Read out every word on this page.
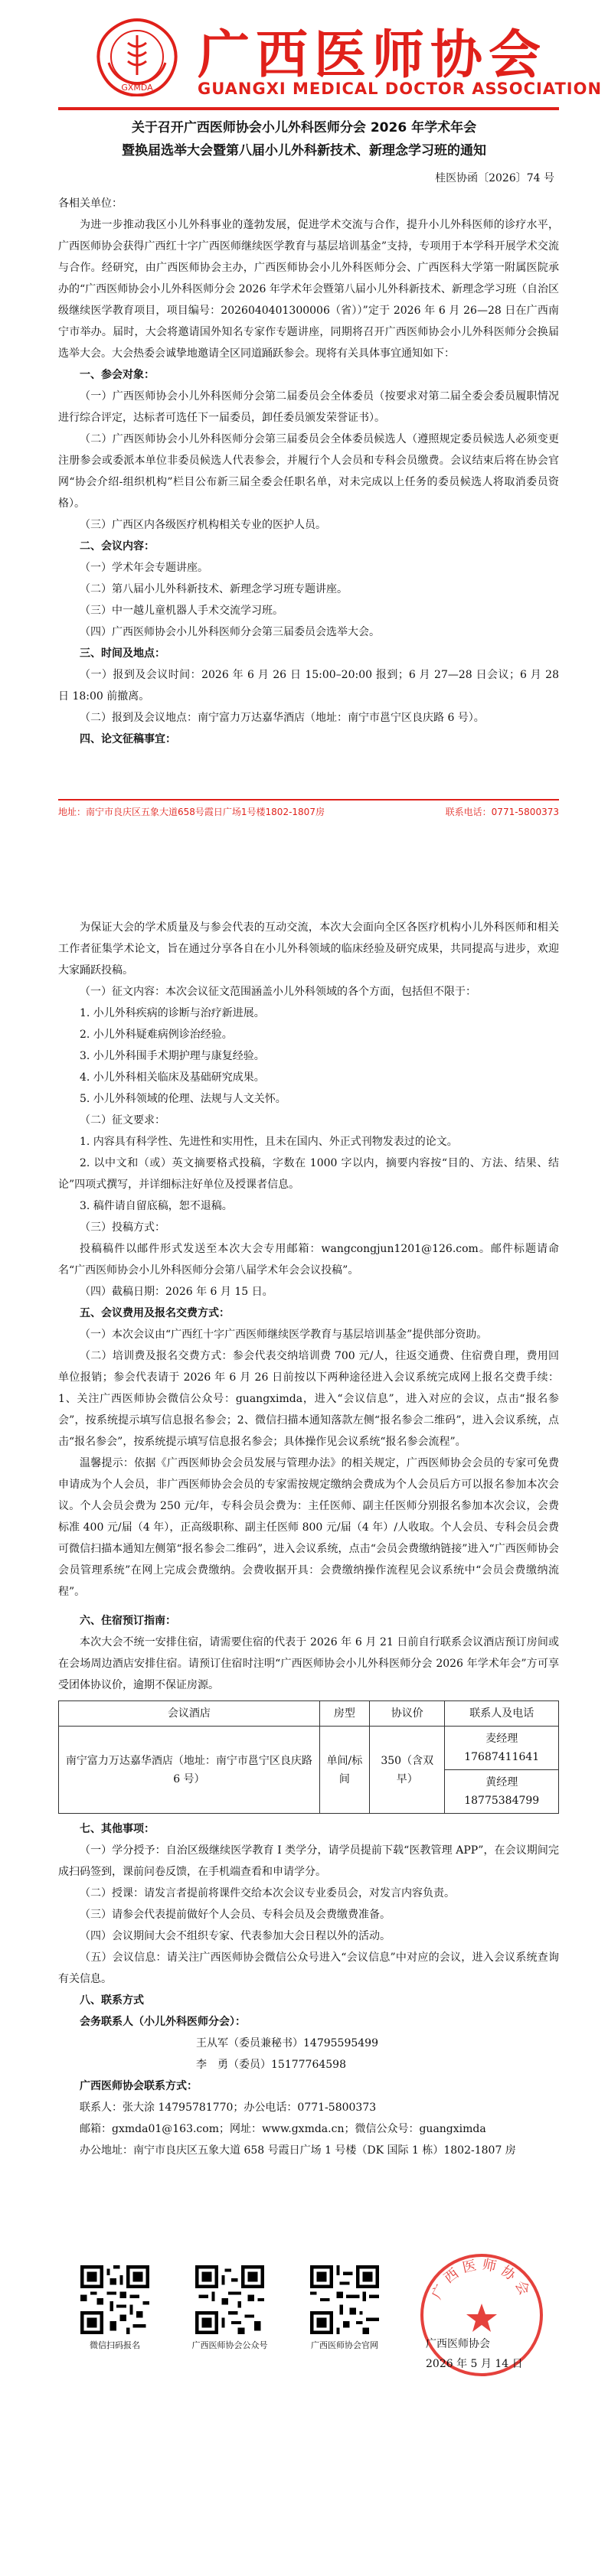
GXMDA
广西医师协会
GUANGXI MEDICAL DOCTOR ASSOCIATION
关于召开广西医师协会小儿外科医师分会 2026 年学术年会
暨换届选举大会暨第八届小儿外科新技术、新理念学习班的通知
桂医协函〔2026〕74 号

各相关单位：

为进一步推动我区小儿外科事业的蓬勃发展，促进学术交流与合作，提升小儿外科医师的诊疗水平，广西医师协会获得广西红十字广西医师继续医学教育与基层培训基金”支持，专项用于本学科开展学术交流与合作。经研究，由广西医师协会主办，广西医师协会小儿外科医师分会、广西医科大学第一附属医院承办的“广西医师协会小儿外科医师分会 2026 年学术年会暨第八届小儿外科新技术、新理念学习班（自治区级继续医学教育项目，项目编号：2026040401300006（省））”定于 2026 年 6 月 26—28 日在广西南宁市举办。届时，大会将邀请国外知名专家作专题讲座，同期将召开广西医师协会小儿外科医师分会换届选举大会。大会热委会诚挚地邀请全区同道踊跃参会。现将有关具体事宜通知如下：

一、参会对象：

（一）广西医师协会小儿外科医师分会第二届委员会全体委员（按要求对第二届全委会委员履职情况进行综合评定，达标者可选任下一届委员，卸任委员颁发荣誉证书）。

（二）广西医师协会小儿外科医师分会第三届委员会全体委员候选人（遵照规定委员候选人必须变更注册参会或委派本单位非委员候选人代表参会，并履行个人会员和专科会员缴费。会议结束后将在协会官网“协会介绍-组织机构”栏目公布新三届全委会任职名单，对未完成以上任务的委员候选人将取消委员资格）。

（三）广西区内各级医疗机构相关专业的医护人员。

二、会议内容：

（一）学术年会专题讲座。

（二）第八届小儿外科新技术、新理念学习班专题讲座。

（三）中一越儿童机器人手术交流学习班。

（四）广西医师协会小儿外科医师分会第三届委员会选举大会。

三、时间及地点：

（一）报到及会议时间：2026 年 6 月 26 日 15:00–20:00 报到；6 月 27—28 日会议；6 月 28 日 18:00 前撤离。

（二）报到及会议地点：南宁富力万达嘉华酒店（地址：南宁市邕宁区良庆路 6 号）。

四、论文征稿事宜：

地址：南宁市良庆区五象大道658号霞日广场1号楼1802-1807房	联系电话：0771-5800373

为保证大会的学术质量及与参会代表的互动交流，本次大会面向全区各医疗机构小儿外科医师和相关工作者征集学术论文，旨在通过分享各自在小儿外科领域的临床经验及研究成果，共同提高与进步，欢迎大家踊跃投稿。

（一）征文内容：本次会议征文范围涵盖小儿外科领域的各个方面，包括但不限于：

1. 小儿外科疾病的诊断与治疗新进展。

2. 小儿外科疑难病例诊治经验。

3. 小儿外科围手术期护理与康复经验。

4. 小儿外科相关临床及基础研究成果。

5. 小儿外科领域的伦理、法规与人文关怀。

（二）征文要求：

1. 内容具有科学性、先进性和实用性，且未在国内、外正式刊物发表过的论文。

2. 以中文和（或）英文摘要格式投稿，字数在 1000 字以内，摘要内容按“目的、方法、结果、结论”四项式撰写，并详细标注好单位及授课者信息。

3. 稿件请自留底稿，恕不退稿。

（三）投稿方式：

投稿稿件以邮件形式发送至本次大会专用邮箱：wangcongjun1201@126.com。邮件标题请命名“广西医师协会小儿外科医师分会第八届学术年会会议投稿”。

（四）截稿日期：2026 年 6 月 15 日。

五、会议费用及报名交费方式：

（一）本次会议由“广西红十字广西医师继续医学教育与基层培训基金”提供部分资助。

（二）培训费及报名交费方式：参会代表交纳培训费 700 元/人，往返交通费、住宿费自理，费用回单位报销；参会代表请于 2026 年 6 月 26 日前按以下两种途径进入会议系统完成网上报名交费手续：1、关注广西医师协会微信公众号：guangximda，进入“会议信息”，进入对应的会议，点击“报名参会”，按系统提示填写信息报名参会；2、微信扫描本通知落款左侧“报名参会二维码”，进入会议系统，点击“报名参会”，按系统提示填写信息报名参会；具体操作见会议系统“报名参会流程”。

温馨提示：依据《广西医师协会会员发展与管理办法》的相关规定，广西医师协会会员的专家可免费申请成为个人会员，非广西医师协会会员的专家需按规定缴纳会费成为个人会员后方可以报名参加本次会议。个人会员会费为 250 元/年，专科会员会费为：主任医师、副主任医师分别报名参加本次会议，会费标准 400 元/届（4 年），正高级职称、副主任医师 800 元/届（4 年）/人收取。个人会员、专科会员会费可微信扫描本通知左侧第“报名参会二维码”，进入会议系统，点击“会员会费缴纳链接”进入“广西医师协会会员管理系统”在网上完成会费缴纳。会费收据开具：会费缴纳操作流程见会议系统中“会员会费缴纳流程”。

六、住宿预订指南：

本次大会不统一安排住宿，请需要住宿的代表于 2026 年 6 月 21 日前自行联系会议酒店预订房间或在会场周边酒店安排住宿。请预订住宿时注明“广西医师协会小儿外科医师分会 2026 年学术年会”方可享受团体协议价，逾期不保证房源。

会议酒店	房型	协议价	联系人及电话
南宁富力万达嘉华酒店（地址：南宁市邕宁区良庆路 6 号）	单间/标间	350（含双早）	麦经理 17687411641
			黄经理 18775384799

七、其他事项：

（一）学分授予：自治区级继续医学教育 I 类学分，请学员提前下载“医教管理 APP”，在会议期间完成扫码签到，课前问卷反馈，在手机端查看和申请学分。

（二）授课：请发言者提前将课件交给本次会议专业委员会，对发言内容负责。

（三）请参会代表提前做好个人会员、专科会员及会费缴费准备。

（四）会议期间大会不组织专家、代表参加大会日程以外的活动。

（五）会议信息：请关注广西医师协会微信公众号进入“会议信息”中对应的会议，进入会议系统查询有关信息。

八、联系方式

会务联系人（小儿外科医师分会）：

王从军（委员兼秘书）14795595499

李　勇（委员）15177764598

广西医师协会联系方式：

联系人：张大涂 14795781770；办公电话：0771-5800373

邮箱：gxmda01@163.com；网址：www.gxmda.cn；微信公众号：guangximda

办公地址：南宁市良庆区五象大道 658 号霞日广场 1 号楼（DK 国际 1 栋）1802-1807 房

微信扫码报名	广西医师协会公众号	广西医师协会官网
广西医师协会
广西医师协会
2026 年 5 月 14 日
